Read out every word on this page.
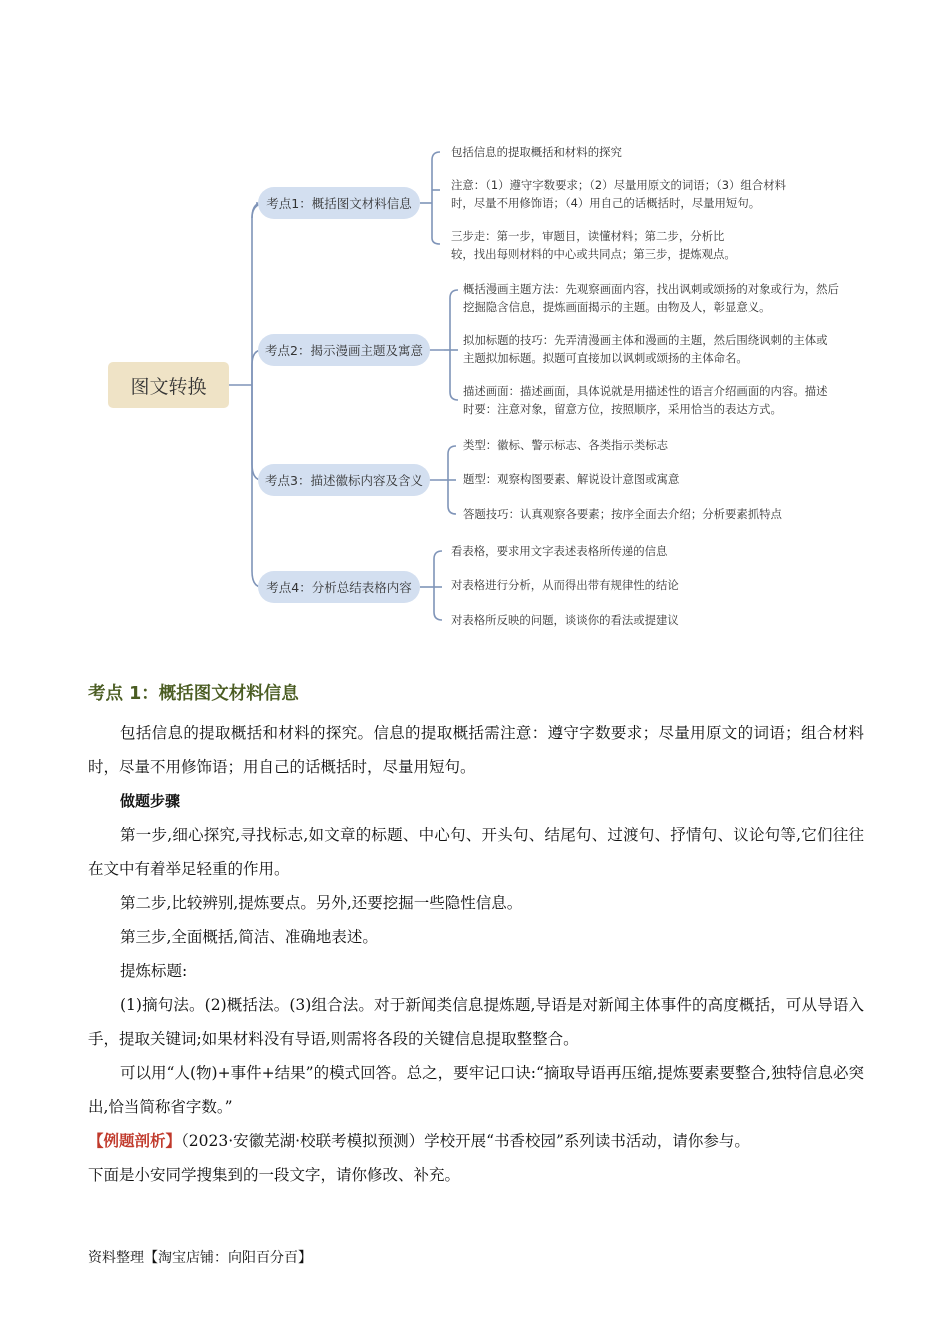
图文转换
考点1：概括图文材料信息
考点2：揭示漫画主题及寓意
考点3：描述徽标内容及含义
考点4：分析总结表格内容
包括信息的提取概括和材料的探究
注意：（1）遵守字数要求；（2）尽量用原文的词语；（3）组合材料
时，尽量不用修饰语；（4）用自己的话概括时，尽量用短句。
三步走：第一步，审题目，读懂材料；第二步，分析比
较，找出每则材料的中心或共同点；第三步，提炼观点。
概括漫画主题方法：先观察画面内容，找出讽刺或颂扬的对象或行为，然后
挖掘隐含信息，提炼画面揭示的主题。由物及人，彰显意义。
拟加标题的技巧：先弄清漫画主体和漫画的主题，然后围绕讽刺的主体或
主题拟加标题。拟题可直接加以讽刺或颂扬的主体命名。
描述画面：描述画面，具体说就是用描述性的语言介绍画面的内容。描述
时要：注意对象，留意方位，按照顺序，采用恰当的表达方式。
类型：徽标、警示标志、各类指示类标志
题型：观察构图要素、解说设计意图或寓意
答题技巧：认真观察各要素；按序全面去介绍；分析要素抓特点
看表格，要求用文字表述表格所传递的信息
对表格进行分析，从而得出带有规律性的结论
对表格所反映的问题，谈谈你的看法或提建议
考点 1：概括图文材料信息

包括信息的提取概括和材料的探究。信息的提取概括需注意：遵守字数要求；尽量用原文的词语；组合材料时，尽量不用修饰语；用自己的话概括时，尽量用短句。

做题步骤

第一步,细心探究,寻找标志,如文章的标题、中心句、开头句、结尾句、过渡句、抒情句、议论句等,它们往往在文中有着举足轻重的作用。

第二步,比较辨别,提炼要点。另外,还要挖掘一些隐性信息。

第三步,全面概括,简洁、准确地表述。

提炼标题:

(1)摘句法。(2)概括法。(3)组合法。对于新闻类信息提炼题,导语是对新闻主体事件的高度概括，可从导语入手，提取关键词;如果材料没有导语,则需将各段的关键信息提取整整合。

可以用“人(物)+事件+结果”的模式回答。总之，要牢记口诀:“摘取导语再压缩,提炼要素要整合,独特信息必突出,恰当简称省字数。”

【例题剖析】（2023·安徽芜湖·校联考模拟预测）学校开展“书香校园”系列读书活动，请你参与。

下面是小安同学搜集到的一段文字，请你修改、补充。

资料整理【淘宝店铺：向阳百分百】
